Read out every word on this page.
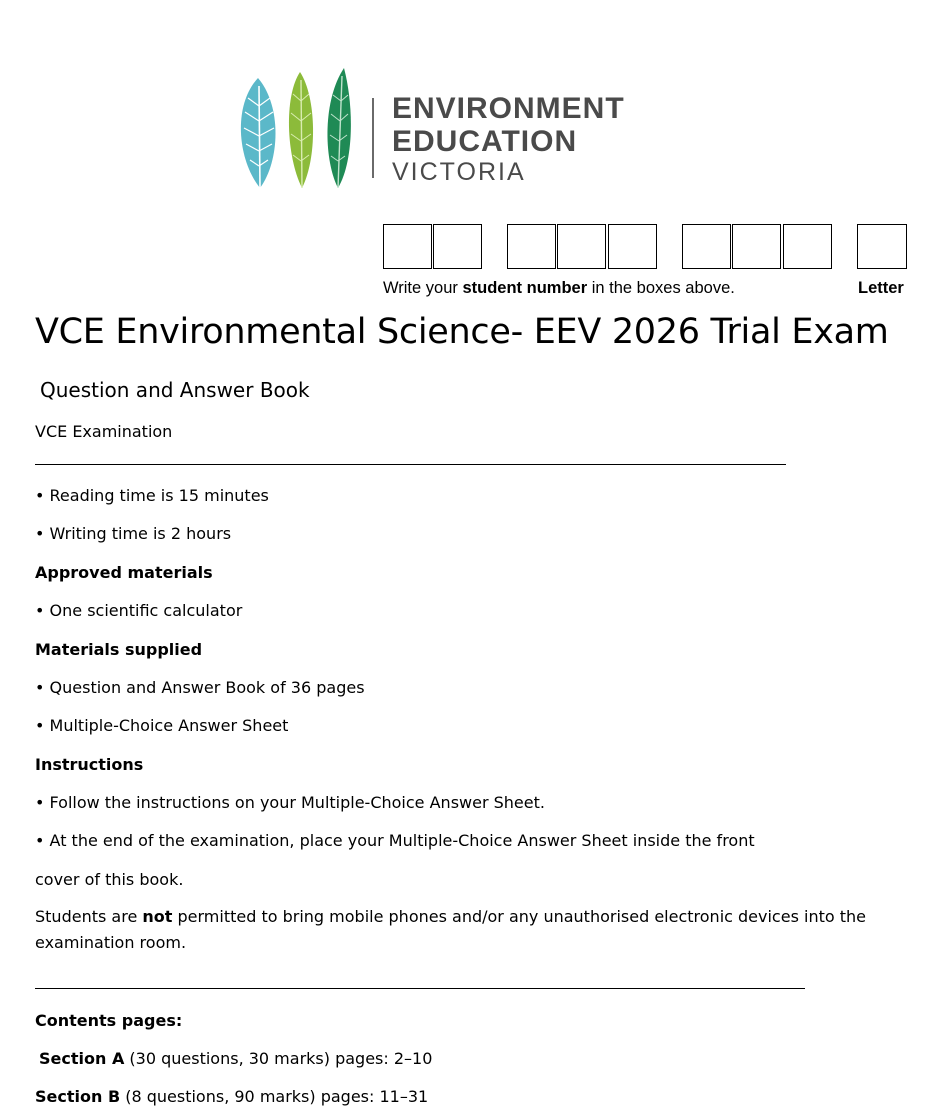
ENVIRONMENT
EDUCATION
VICTORIA
Write your student number in the boxes above.	Letter
VCE Environmental Science- EEV 2026 Trial Exam
Question and Answer Book
VCE Examination
• Reading time is 15 minutes
• Writing time is 2 hours
Approved materials
• One scientific calculator
Materials supplied
• Question and Answer Book of 36 pages
• Multiple-Choice Answer Sheet
Instructions
• Follow the instructions on your Multiple-Choice Answer Sheet.
• At the end of the examination, place your Multiple-Choice Answer Sheet inside the front
cover of this book.
Students are not permitted to bring mobile phones and/or any unauthorised electronic devices into the examination room.
Contents pages:
Section A (30 questions, 30 marks) pages: 2–10
Section B (8 questions, 90 marks) pages: 11–31
